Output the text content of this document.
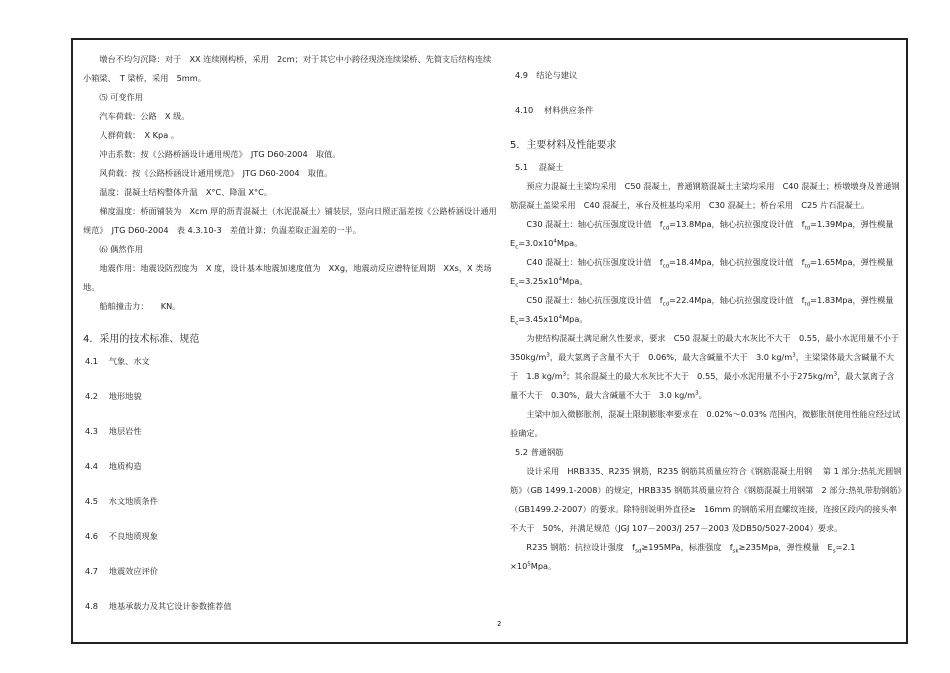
墩台不均匀沉降：对于　XX 连续刚构桥，采用　2cm；对于其它中小跨径现浇连续梁桥、先简支后结构连续小箱梁、　T 梁桥，采用　5mm。

⑸ 可变作用

汽车荷载：公路　X 级。

人群荷载：　X Kpa 。

冲击系数：按《公路桥涵设计通用规范》　JTG D60-2004　取值。

风荷载：按《公路桥涵设计通用规范》　JTG D60-2004　取值。

温度：混凝土结构整体升温　X°C、降温 X°C。

梯度温度：桥面铺装为　Xcm 厚的沥青混凝土（水泥混凝土）铺装层，竖向日照正温差按《公路桥涵设计通用规范》　JTG D60-2004　表 4.3.10-3　差值计算；负温差取正温差的一半。

⑹ 偶然作用

地震作用：地震设防烈度为　X 度，设计基本地震加速度值为　XXg，地震动反应谱特征周期　XXs，X 类场地。

船舶撞击力：　　KN。

4．采用的技术标准、规范

4.1　 气象、水文

4.2　 地形地貌

4.3　 地层岩性

4.4　 地质构造

4.5　 水文地质条件

4.6　 不良地质现象

4.7　 地震效应评价

4.8　 地基承载力及其它设计参数推荐值

4.9　结论与建议

4.10　 材料供应条件

5．主要材料及性能要求

5.1　 混凝土

预应力混凝土主梁均采用　C50 混凝土，普通钢筋混凝土主梁均采用　C40 混凝土；桥墩墩身及普通钢筋混凝土盖梁采用　C40 混凝土，承台及桩基均采用　C30 混凝土；桥台采用　C25 片石混凝土。

C30 混凝土：轴心抗压强度设计值　$f_{cd}=13.8Mpa$，轴心抗拉强度设计值　$f_{td}=1.39Mpa$，弹性模量 $E_c=3.0x10^4Mpa$。

C40 混凝土：轴心抗压强度设计值　$f_{cd}=18.4Mpa$，轴心抗拉强度设计值　$f_{td}=1.65Mpa$，弹性模量 $E_c=3.25x10^4Mpa$。

C50 混凝土：轴心抗压强度设计值　$f_{cd}=22.4Mpa$，轴心抗拉强度设计值　$f_{td}=1.83Mpa$，弹性模量 $E_c=3.45x10^4Mpa$。

为使结构混凝土满足耐久性要求，要求　C50 混凝土的最大水灰比不大于　0.55，最小水泥用量不小于　$350kg/m^3$，最大氯离子含量不大于　0.06%，最大含碱量不大于　3.0 $kg/m^3$，主梁梁体最大含碱量不大于　1.8 $kg/m^3$；其余混凝土的最大水灰比不大于　0.55，最小水泥用量不小于$275kg/m^3$，最大氯离子含量不大于　0.30%，最大含碱量不大于　3.0 $kg/m^3$。

主梁中加入微膨胀剂，混凝土限制膨胀率要求在　0.02%～0.03% 范围内，微膨胀剂使用性能应经过试验确定。

5.2 普通钢筋

设计采用　HRB335、R235 钢筋，R235 钢筋其质量应符合《钢筋混凝土用钢　 第 1 部分:热轧光圆钢筋》（GB 1499.1-2008）的规定，HRB335 钢筋其质量应符合《钢筋混凝土用钢第　2 部分:热轧带肋钢筋》（GB1499.2-2007）的要求。除特别说明外直径≥　16mm 的钢筋采用直螺纹连接，连接区段内的接头率不大于　50%，并满足规范（JGJ 107－2003/J 257－2003 及DB50/5027-2004）要求。

R235 钢筋：抗拉设计强度　$f_{sd}\ge 195MPa$，标准强度　$f_{sk}\ge 235Mpa$，弹性模量　$E_s=2.1 \times 10^5Mpa$。

2
